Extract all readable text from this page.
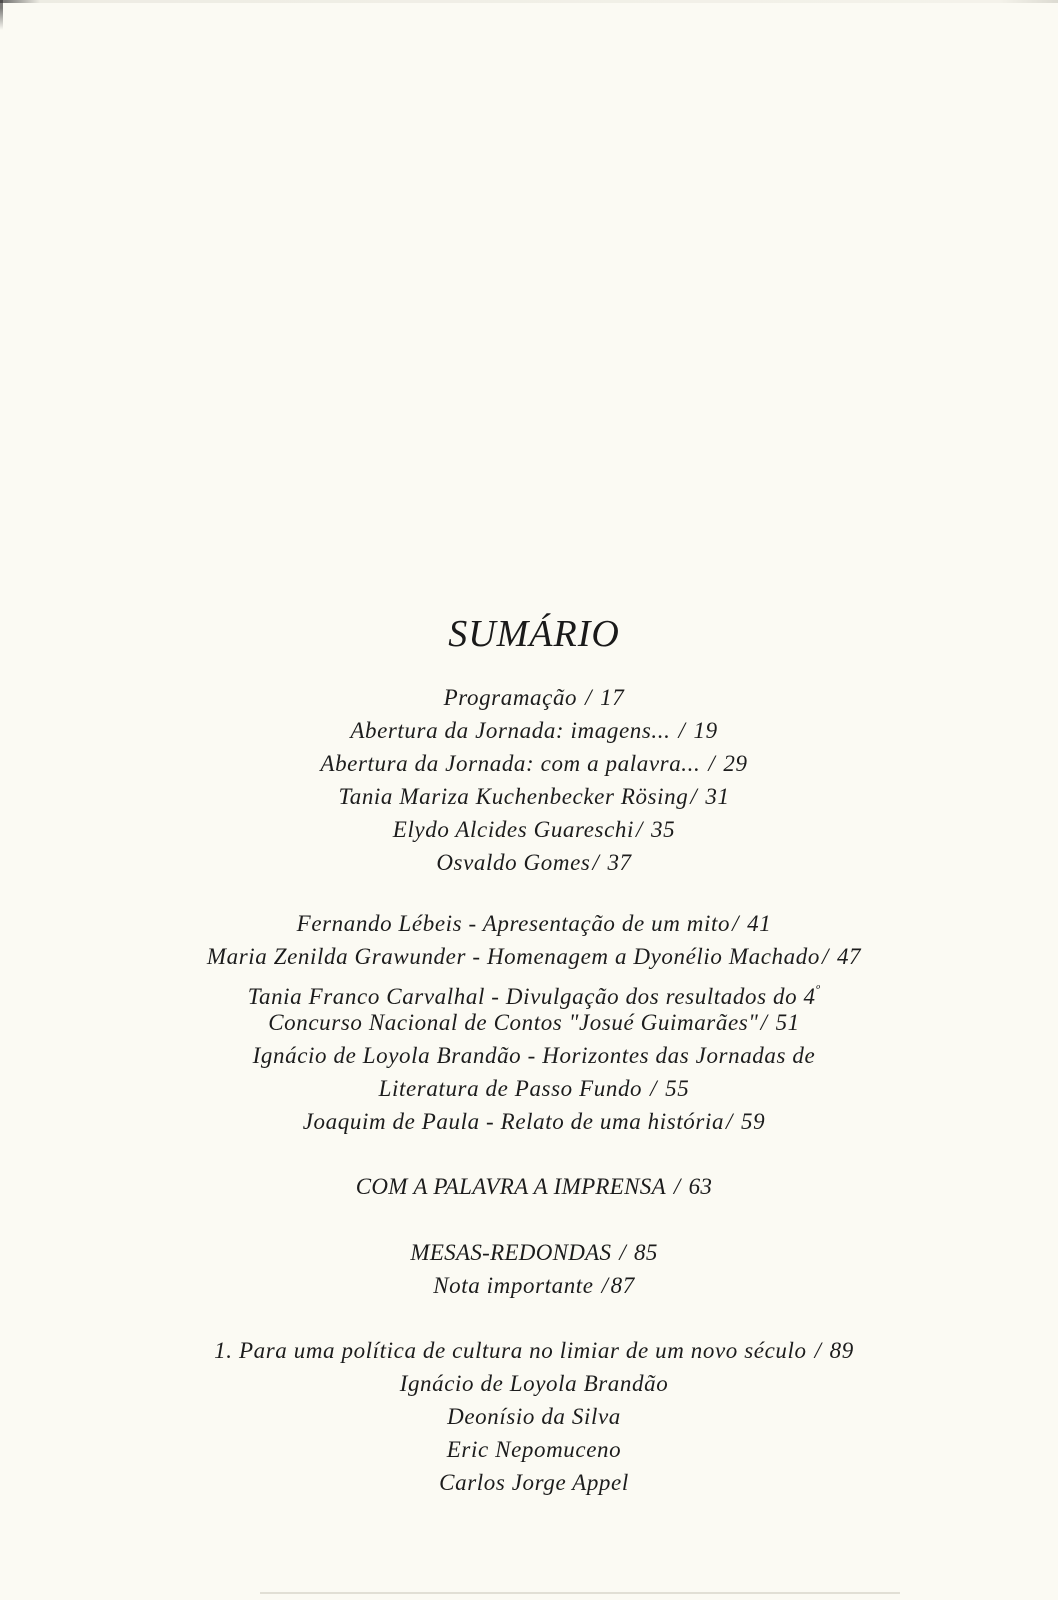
SUMÁRIO
Programação / 17
Abertura da Jornada: imagens... / 19
Abertura da Jornada: com a palavra... / 29
Tania Mariza Kuchenbecker Rösing/ 31
Elydo Alcides Guareschi/ 35
Osvaldo Gomes/ 37
Fernando Lébeis - Apresentação de um mito/ 41
Maria Zenilda Grawunder - Homenagem a Dyonélio Machado/ 47
Tania Franco Carvalhal - Divulgação dos resultados do $4^º$
Concurso Nacional de Contos "Josué Guimarães"/ 51
Ignácio de Loyola Brandão - Horizontes das Jornadas de
Literatura de Passo Fundo / 55
Joaquim de Paula - Relato de uma história/ 59
COM A PALAVRA A IMPRENSA / 63
MESAS-REDONDAS / 85
Nota importante /87
1. Para uma política de cultura no limiar de um novo século / 89
Ignácio de Loyola Brandão
Deonísio da Silva
Eric Nepomuceno
Carlos Jorge Appel
